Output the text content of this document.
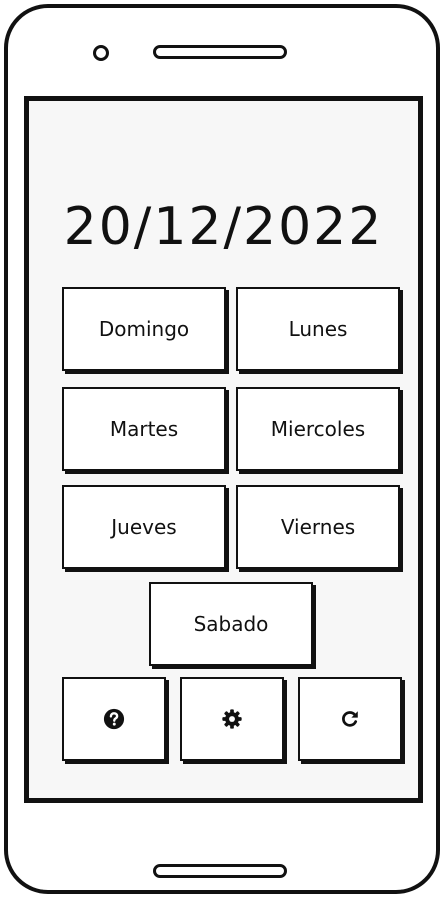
20/12/2022
Domingo	Lunes
Martes	Miercoles
Jueves	Viernes
Sabado
